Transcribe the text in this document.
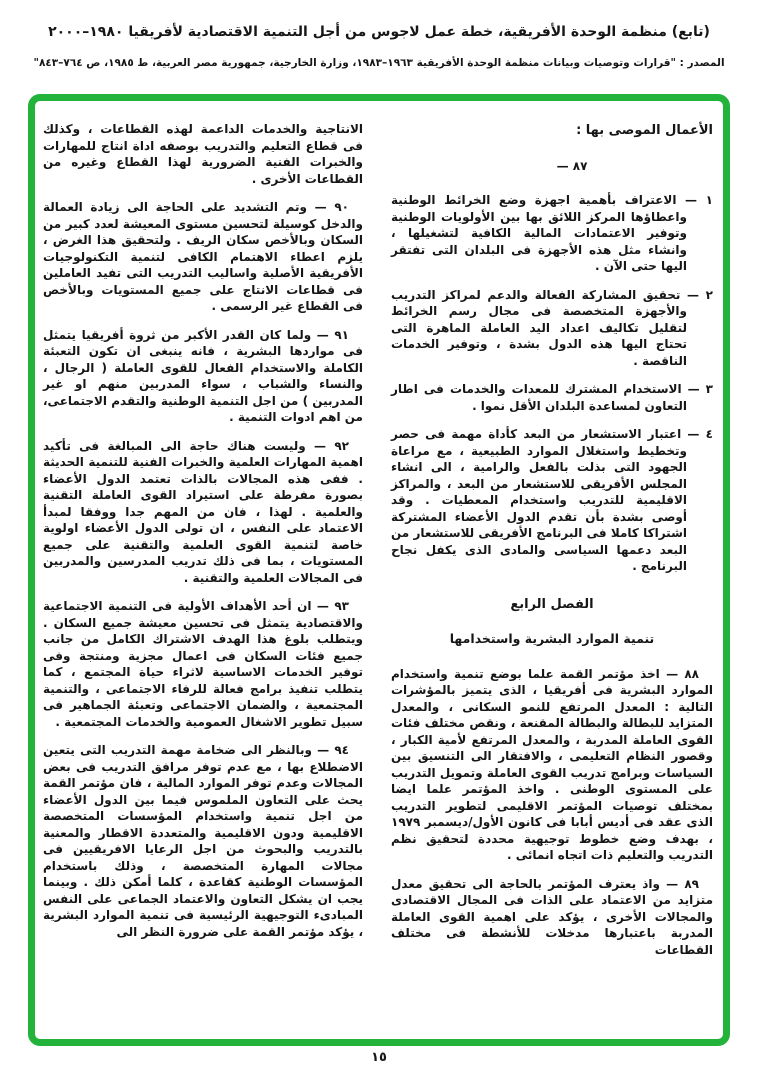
(تابع) منظمة الوحدة الأفريقية، خطة عمل لاجوس من أجل التنمية الاقتصادية لأفريقيا ١٩٨٠–٢٠٠٠
المصدر : "قرارات وتوصيات وبيانات منظمة الوحدة الأفريقية ١٩٦٣–١٩٨٣، وزارة الخارجية، جمهورية مصر العربية، ط ١٩٨٥، ص ٧٦٤–٨٤٣"
الأعمال الموصى بها :
٨٧ —

١ — الاعتراف بأهمية اجهزة وضع الخرائط الوطنية واعطاؤها المركز اللائق بها بين الأولويات الوطنية وتوفير الاعتمادات المالية الكافية لتشغيلها ، وانشاء مثل هذه الأجهزة فى البلدان التى تفتقر اليها حتى الآن .

٢ — تحقيق المشاركة الفعالة والدعم لمراكز التدريب والأجهزة المتخصصة فى مجال رسم الخرائط لتقليل تكاليف اعداد اليد العاملة الماهرة التى تحتاج اليها هذه الدول بشدة ، وتوفير الخدمات الناقصة .

٣ — الاستخدام المشترك للمعدات والخدمات فى اطار التعاون لمساعدة البلدان الأقل نموا .

٤ — اعتبار الاستشعار من البعد كأداة مهمة فى حصر وتخطيط واستغلال الموارد الطبيعية ، مع مراعاة الجهود التى بذلت بالفعل والرامية ، الى انشاء المجلس الأفريقى للاستشعار من البعد ، والمراكز الاقليمية للتدريب واستخدام المعطيات . وقد أوصى بشدة بأن تقدم الدول الأعضاء المشتركة اشتراكا كاملا فى البرنامج الأفريقى للاستشعار من البعد دعمها السياسى والمادى الذى يكفل نجاح البرنامج .

الفصل الرابع
تنمية الموارد البشرية واستخدامها

٨٨ — اخذ مؤتمر القمة علما بوضع تنمية واستخدام الموارد البشرية فى أفريقيا ، الذى يتميز بالمؤشرات التالية : المعدل المرتفع للنمو السكانى ، والمعدل المتزايد للبطالة والبطالة المقنعة ، ونقص مختلف فئات القوى العاملة المدربة ، والمعدل المرتفع لأمية الكبار ، وقصور النظام التعليمى ، والافتقار الى التنسيق بين السياسات وبرامج تدريب القوى العاملة وتمويل التدريب على المستوى الوطنى . واخذ المؤتمر علما ايضا بمختلف توصيات المؤتمر الاقليمى لتطوير التدريب الذى عقد فى أديس أبابا فى كانون الأول/ديسمبر ١٩٧٩ ، بهدف وضع خطوط توجيهية محددة لتحقيق نظم التدريب والتعليم ذات اتجاه انمائى .

٨٩ — واذ يعترف المؤتمر بالحاجة الى تحقيق معدل متزايد من الاعتماد على الذات فى المجال الاقتصادى والمجالات الأخرى ، يؤكد على اهمية القوى العاملة المدربة باعتبارها مدخلات للأنشطة فى مختلف القطاعات

الانتاجية والخدمات الداعمة لهذه القطاعات ، وكذلك فى قطاع التعليم والتدريب بوصفه اداة انتاج للمهارات والخبرات الفنية الضرورية لهذا القطاع وغيره من القطاعات الأخرى .

٩٠ — وتم التشديد على الحاجة الى زيادة العمالة والدخل كوسيلة لتحسين مستوى المعيشة لعدد كبير من السكان وبالأخص سكان الريف . ولتحقيق هذا الغرض ، يلزم اعطاء الاهتمام الكافى لتنمية التكنولوجيات الأفريقية الأصلية واساليب التدريب التى تفيد العاملين فى قطاعات الانتاج على جميع المستويات وبالأخص فى القطاع غير الرسمى .

٩١ — ولما كان القدر الأكبر من ثروة أفريقيا يتمثل فى مواردها البشرية ، فانه ينبغى ان تكون التعبئة الكاملة والاستخدام الفعال للقوى العاملة ( الرجال ، والنساء والشباب ، سواء المدربين منهم او غير المدربين ) من اجل التنمية الوطنية والتقدم الاجتماعى، من اهم ادوات التنمية .

٩٢ — وليست هناك حاجة الى المبالغة فى تأكيد اهمية المهارات العلمية والخبرات الفنية للتنمية الحديثة . ففى هذه المجالات بالذات تعتمد الدول الأعضاء بصورة مفرطة على استيراد القوى العاملة التقنية والعلمية . لهذا ، فان من المهم جدا ووفقا لمبدأ الاعتماد على النفس ، ان تولى الدول الأعضاء اولوية خاصة لتنمية القوى العلمية والتقنية على جميع المستويات ، بما فى ذلك تدريب المدرسين والمدربين فى المجالات العلمية والتقنية .

٩٣ — ان أحد الأهداف الأولية فى التنمية الاجتماعية والاقتصادية يتمثل فى تحسين معيشة جميع السكان . ويتطلب بلوغ هذا الهدف الاشتراك الكامل من جانب جميع فئات السكان فى اعمال مجزية ومنتجة وفى توفير الخدمات الاساسية لاثراء حياة المجتمع ، كما يتطلب تنفيذ برامج فعالة للرفاء الاجتماعى ، والتنمية المجتمعية ، والضمان الاجتماعى وتعبئة الجماهير فى سبيل تطوير الاشغال العمومية والخدمات المجتمعية .

٩٤ — وبالنظر الى ضخامة مهمة التدريب التى يتعين الاضطلاع بها ، مع عدم توفر مرافق التدريب فى بعض المجالات وعدم توفر الموارد المالية ، فان مؤتمر القمة يحث على التعاون الملموس فيما بين الدول الأعضاء من اجل تنمية واستخدام المؤسسات المتخصصة الاقليمية ودون الاقليمية والمتعددة الاقطار والمعنية بالتدريب والبحوث من اجل الرعايا الافريقيين فى مجالات المهارة المتخصصة ، وذلك باستخدام المؤسسات الوطنية كقاعدة ، كلما أمكن ذلك . وبينما يجب ان يشكل التعاون والاعتماد الجماعى على النفس المبادىء التوجيهية الرئيسية فى تنمية الموارد البشرية ، يؤكد مؤتمر القمة على ضرورة النظر الى

١٥
